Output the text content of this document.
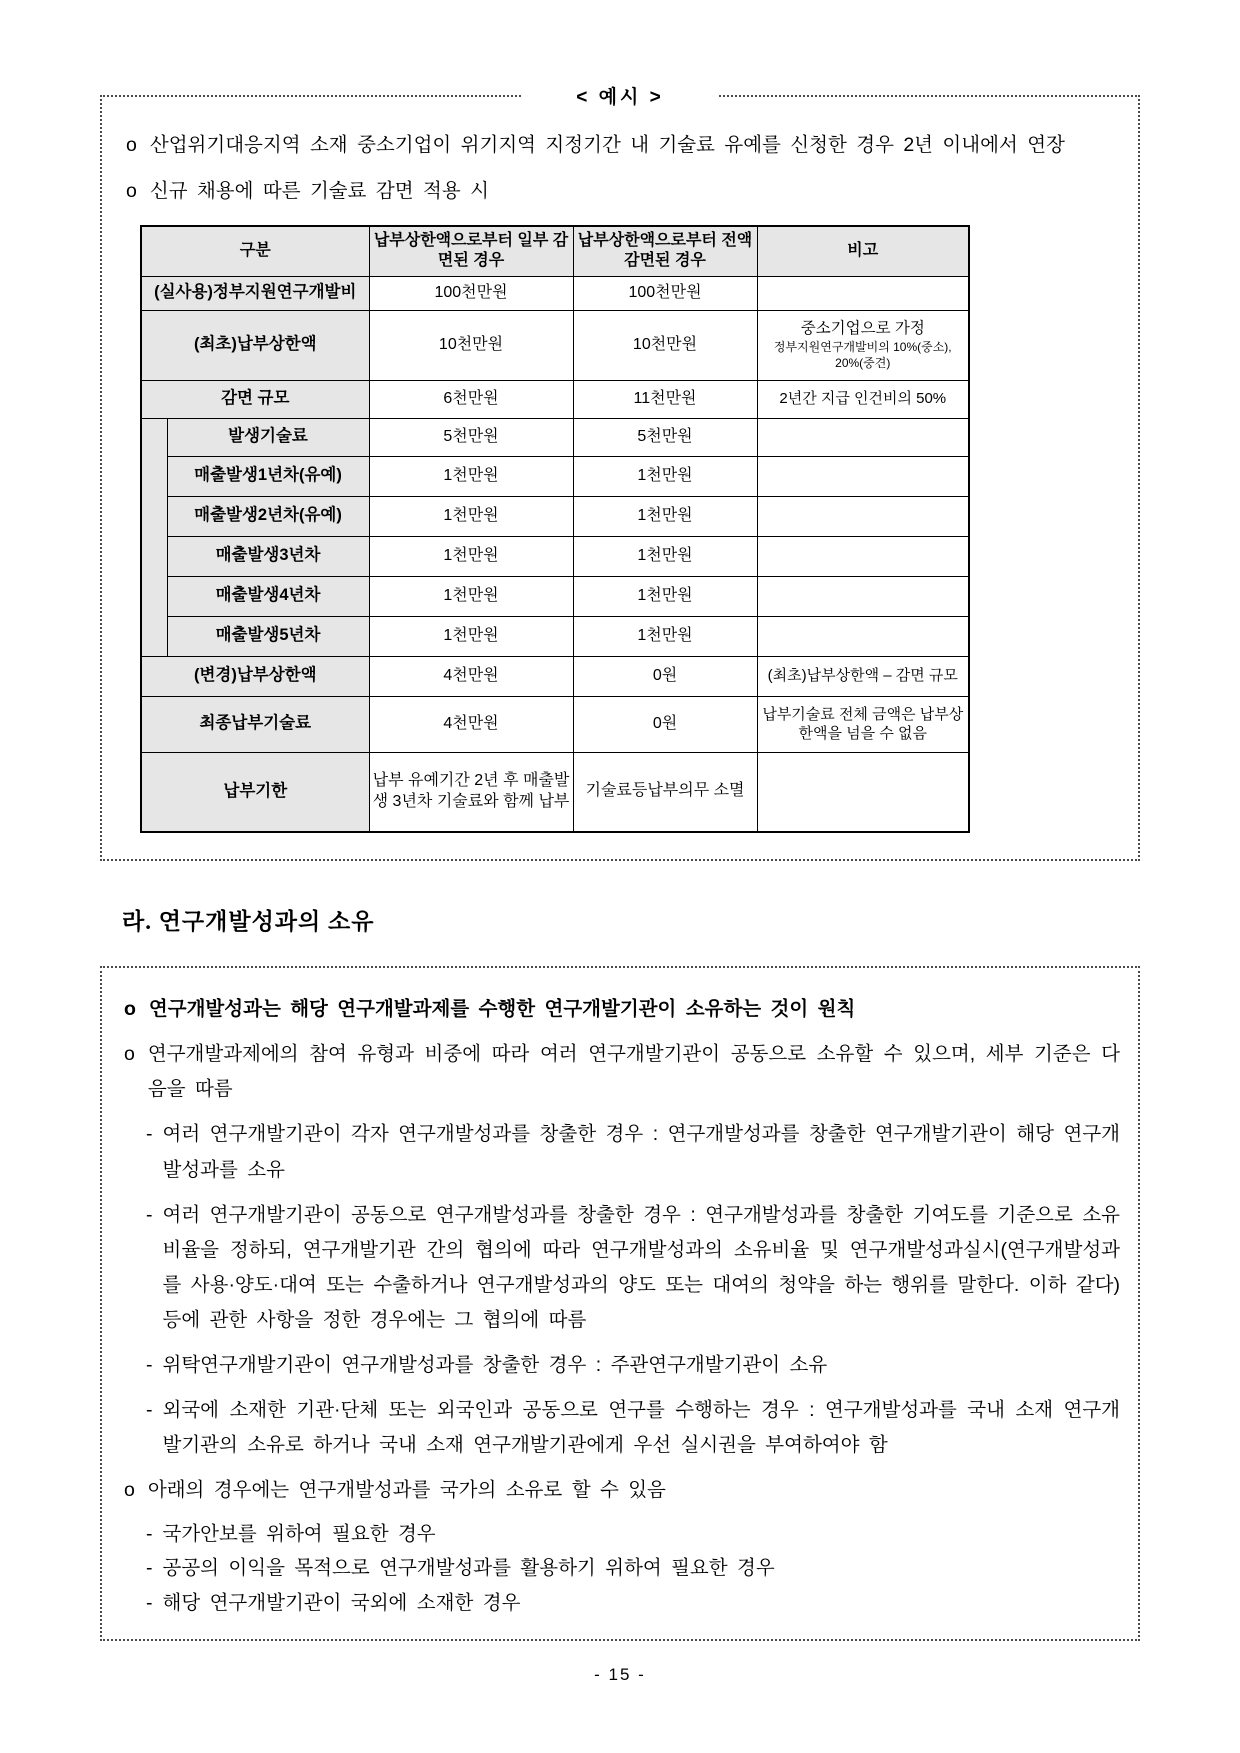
< 예시 >
o 산업위기대응지역 소재 중소기업이 위기지역 지정기간 내 기술료 유예를 신청한 경우 2년 이내에서 연장
o 신규 채용에 따른 기술료 감면 적용 시
구분		납부상한액으로부터 일부 감면된 경우	납부상한액으로부터 전액 감면된 경우	비고
(실사용)정부지원연구개발비		100천만원	100천만원	
(최초)납부상한액		10천만원	10천만원	중소기업으로 가정
정부지원연구개발비의 10%(중소), 20%(중견)

감면 규모		6천만원	11천만원	2년간 지급 인건비의 50%
	발생기술료	5천만원	5천만원	
	매출발생1년차(유예)	1천만원	1천만원	
	매출발생2년차(유예)	1천만원	1천만원	
	매출발생3년차	1천만원	1천만원	
	매출발생4년차	1천만원	1천만원	
	매출발생5년차	1천만원	1천만원	
(변경)납부상한액		4천만원	0원	(최초)납부상한액 – 감면 규모
최종납부기술료		4천만원	0원	납부기술료 전체 금액은 납부상한액을 넘을 수 없음
납부기한		납부 유예기간 2년 후 매출발생 3년차 기술료와 함께 납부	기술료등납부의무 소멸	
라. 연구개발성과의 소유
o 연구개발성과는 해당 연구개발과제를 수행한 연구개발기관이 소유하는 것이 원칙
o 연구개발과제에의 참여 유형과 비중에 따라 여러 연구개발기관이 공동으로 소유할 수 있으며, 세부 기준은 다음을 따름
- 여러 연구개발기관이 각자 연구개발성과를 창출한 경우 : 연구개발성과를 창출한 연구개발기관이 해당 연구개발성과를 소유
- 여러 연구개발기관이 공동으로 연구개발성과를 창출한 경우 : 연구개발성과를 창출한 기여도를 기준으로 소유비율을 정하되, 연구개발기관 간의 협의에 따라 연구개발성과의 소유비율 및 연구개발성과실시(연구개발성과를 사용·양도·대여 또는 수출하거나 연구개발성과의 양도 또는 대여의 청약을 하는 행위를 말한다. 이하 같다) 등에 관한 사항을 정한 경우에는 그 협의에 따름
- 위탁연구개발기관이 연구개발성과를 창출한 경우 : 주관연구개발기관이 소유
- 외국에 소재한 기관·단체 또는 외국인과 공동으로 연구를 수행하는 경우 : 연구개발성과를 국내 소재 연구개발기관의 소유로 하거나 국내 소재 연구개발기관에게 우선 실시권을 부여하여야 함
o 아래의 경우에는 연구개발성과를 국가의 소유로 할 수 있음
- 국가안보를 위하여 필요한 경우
- 공공의 이익을 목적으로 연구개발성과를 활용하기 위하여 필요한 경우
- 해당 연구개발기관이 국외에 소재한 경우
- 15 -
